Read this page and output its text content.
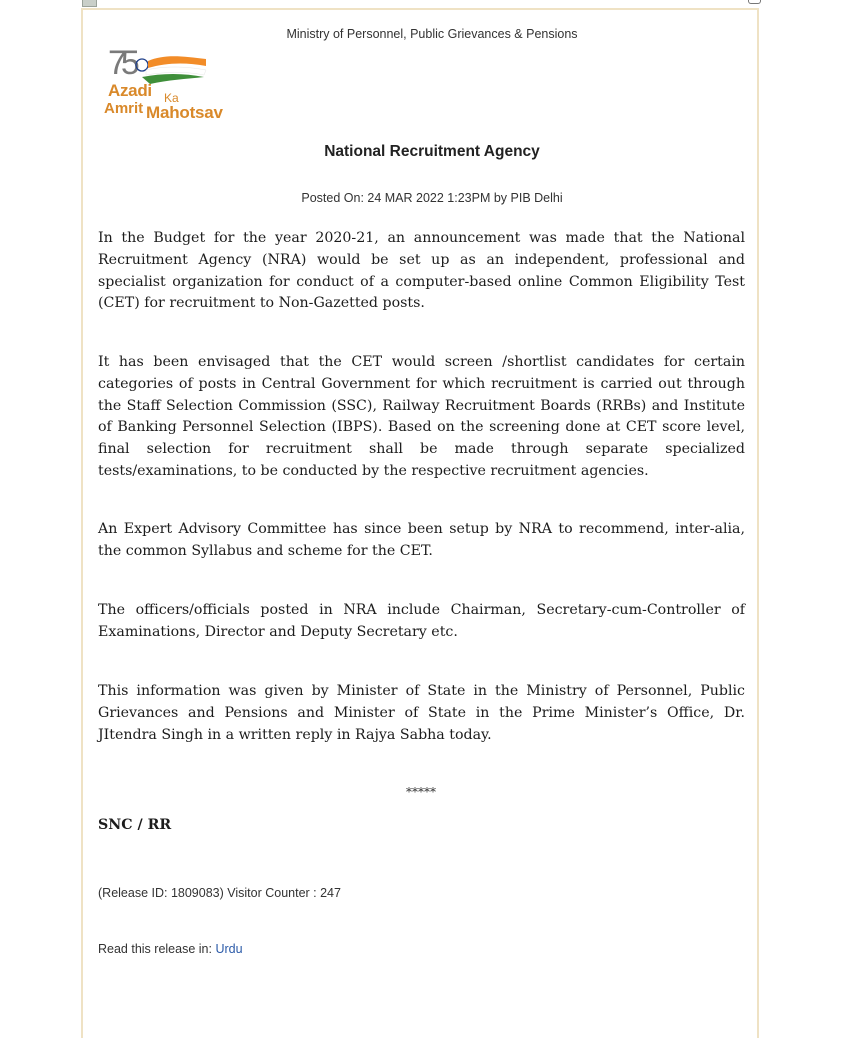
Ministry of Personnel, Public Grievances & Pensions
75
Azadi Ka
Amrit Mahotsav
National Recruitment Agency
Posted On: 24 MAR 2022 1:23PM by PIB Delhi

In the Budget for the year 2020-21, an announcement was made that the National Recruitment Agency (NRA) would be set up as an independent, professional and specialist organization for conduct of a computer-based online Common Eligibility Test (CET) for recruitment to Non-Gazetted posts.

It has been envisaged that the CET would screen /shortlist candidates for certain categories of posts in Central Government for which recruitment is carried out through the Staff Selection Commission (SSC), Railway Recruitment Boards (RRBs) and Institute of Banking Personnel Selection (IBPS). Based on the screening done at CET score level, final selection for recruitment shall be made through separate specialized tests/examinations, to be conducted by the respective recruitment agencies.

An Expert Advisory Committee has since been setup by NRA to recommend, inter-alia, the common Syllabus and scheme for the CET.

The officers/officials posted in NRA include Chairman, Secretary-cum-Controller of Examinations, Director and Deputy Secretary etc.

This information was given by Minister of State in the Ministry of Personnel, Public Grievances and Pensions and Minister of State in the Prime Minister’s Office, Dr. JItendra Singh in a written reply in Rajya Sabha today.

*****
SNC / RR
(Release ID: 1809083) Visitor Counter : 247
Read this release in: Urdu
